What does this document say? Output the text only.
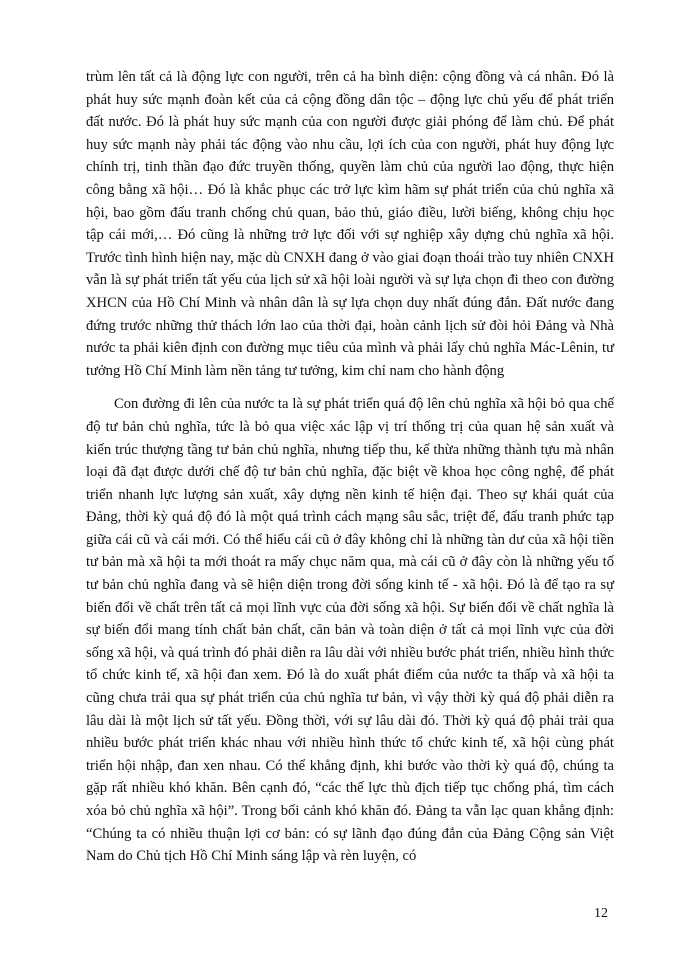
trùm lên tất cả là động lực con người, trên cả ha bình diện: cộng đồng và cá nhân. Đó là phát huy sức mạnh đoàn kết của cả cộng đồng dân tộc – động lực chủ yếu để phát triển đất nước. Đó là phát huy sức mạnh của con người được giải phóng để làm chủ. Để phát huy sức mạnh này phải tác động vào nhu cầu, lợi ích của con người, phát huy động lực chính trị, tinh thần đạo đức truyền thống, quyền làm chủ của người lao động, thực hiện công bằng xã hội… Đó là khắc phục các trở lực kìm hãm sự phát triển của chủ nghĩa xã hội, bao gồm đấu tranh chống chủ quan, bảo thủ, giáo điều, lười biếng, không chịu học tập cái mới,… Đó cũng là những trở lực đối với sự nghiệp xây dựng chủ nghĩa xã hội. Trước tình hình hiện nay, mặc dù CNXH đang ở vào giai đoạn thoái trào tuy nhiên CNXH vẫn là sự phát triển tất yếu của lịch sử xã hội loài người và sự lựa chọn đi theo con đường XHCN của Hồ Chí Minh và nhân dân là sự lựa chọn duy nhất đúng đắn. Đất nước đang đứng trước những thử thách lớn lao của thời đại, hoàn cảnh lịch sử đòi hỏi Đảng và Nhà nước ta phải kiên định con đường mục tiêu của mình và phải lấy chủ nghĩa Mác-Lênin, tư tưởng Hồ Chí Minh làm nền tảng tư tưởng, kim chỉ nam cho hành động

Con đường đi lên của nước ta là sự phát triển quá độ lên chủ nghĩa xã hội bỏ qua chế độ tư bản chủ nghĩa, tức là bỏ qua việc xác lập vị trí thống trị của quan hệ sản xuất và kiến trúc thượng tầng tư bản chủ nghĩa, nhưng tiếp thu, kế thừa những thành tựu mà nhân loại đã đạt được dưới chế độ tư bản chủ nghĩa, đặc biệt về khoa học công nghệ, để phát triển nhanh lực lượng sản xuất, xây dựng nền kinh tế hiện đại. Theo sự khái quát của Đảng, thời kỳ quá độ đó là một quá trình cách mạng sâu sắc, triệt để, đấu tranh phức tạp giữa cái cũ và cái mới. Có thể hiểu cái cũ ở đây không chỉ là những tàn dư của xã hội tiền tư bản mà xã hội ta mới thoát ra mấy chục năm qua, mà cái cũ ở đây còn là những yếu tố tư bản chủ nghĩa đang và sẽ hiện diện trong đời sống kinh tế - xã hội. Đó là để tạo ra sự biến đổi về chất trên tất cả mọi lĩnh vực của đời sống xã hội. Sự biến đổi về chất nghĩa là sự biến đổi mang tính chất bản chất, căn bản và toàn diện ở tất cả mọi lĩnh vực của đời sống xã hội, và quá trình đó phải diễn ra lâu dài với nhiều bước phát triển, nhiều hình thức tổ chức kinh tế, xã hội đan xem. Đó là do xuất phát điểm của nước ta thấp và xã hội ta cũng chưa trải qua sự phát triển của chủ nghĩa tư bản, vì vậy thời kỳ quá độ phải diễn ra lâu dài là một lịch sử tất yếu. Đồng thời, với sự lâu dài đó. Thời kỳ quá độ phải trải qua nhiều bước phát triển khác nhau với nhiều hình thức tổ chức kinh tế, xã hội cùng phát triển hội nhập, đan xen nhau. Có thể khẳng định, khi bước vào thời kỳ quá độ, chúng ta gặp rất nhiều khó khăn. Bên cạnh đó, “các thế lực thù địch tiếp tục chống phá, tìm cách xóa bỏ chủ nghĩa xã hội”. Trong bối cảnh khó khăn đó. Đảng ta vẫn lạc quan khẳng định: “Chúng ta có nhiều thuận lợi cơ bản: có sự lãnh đạo đúng đắn của Đảng Cộng sản Việt Nam do Chủ tịch Hồ Chí Minh sáng lập và rèn luyện, có

12
